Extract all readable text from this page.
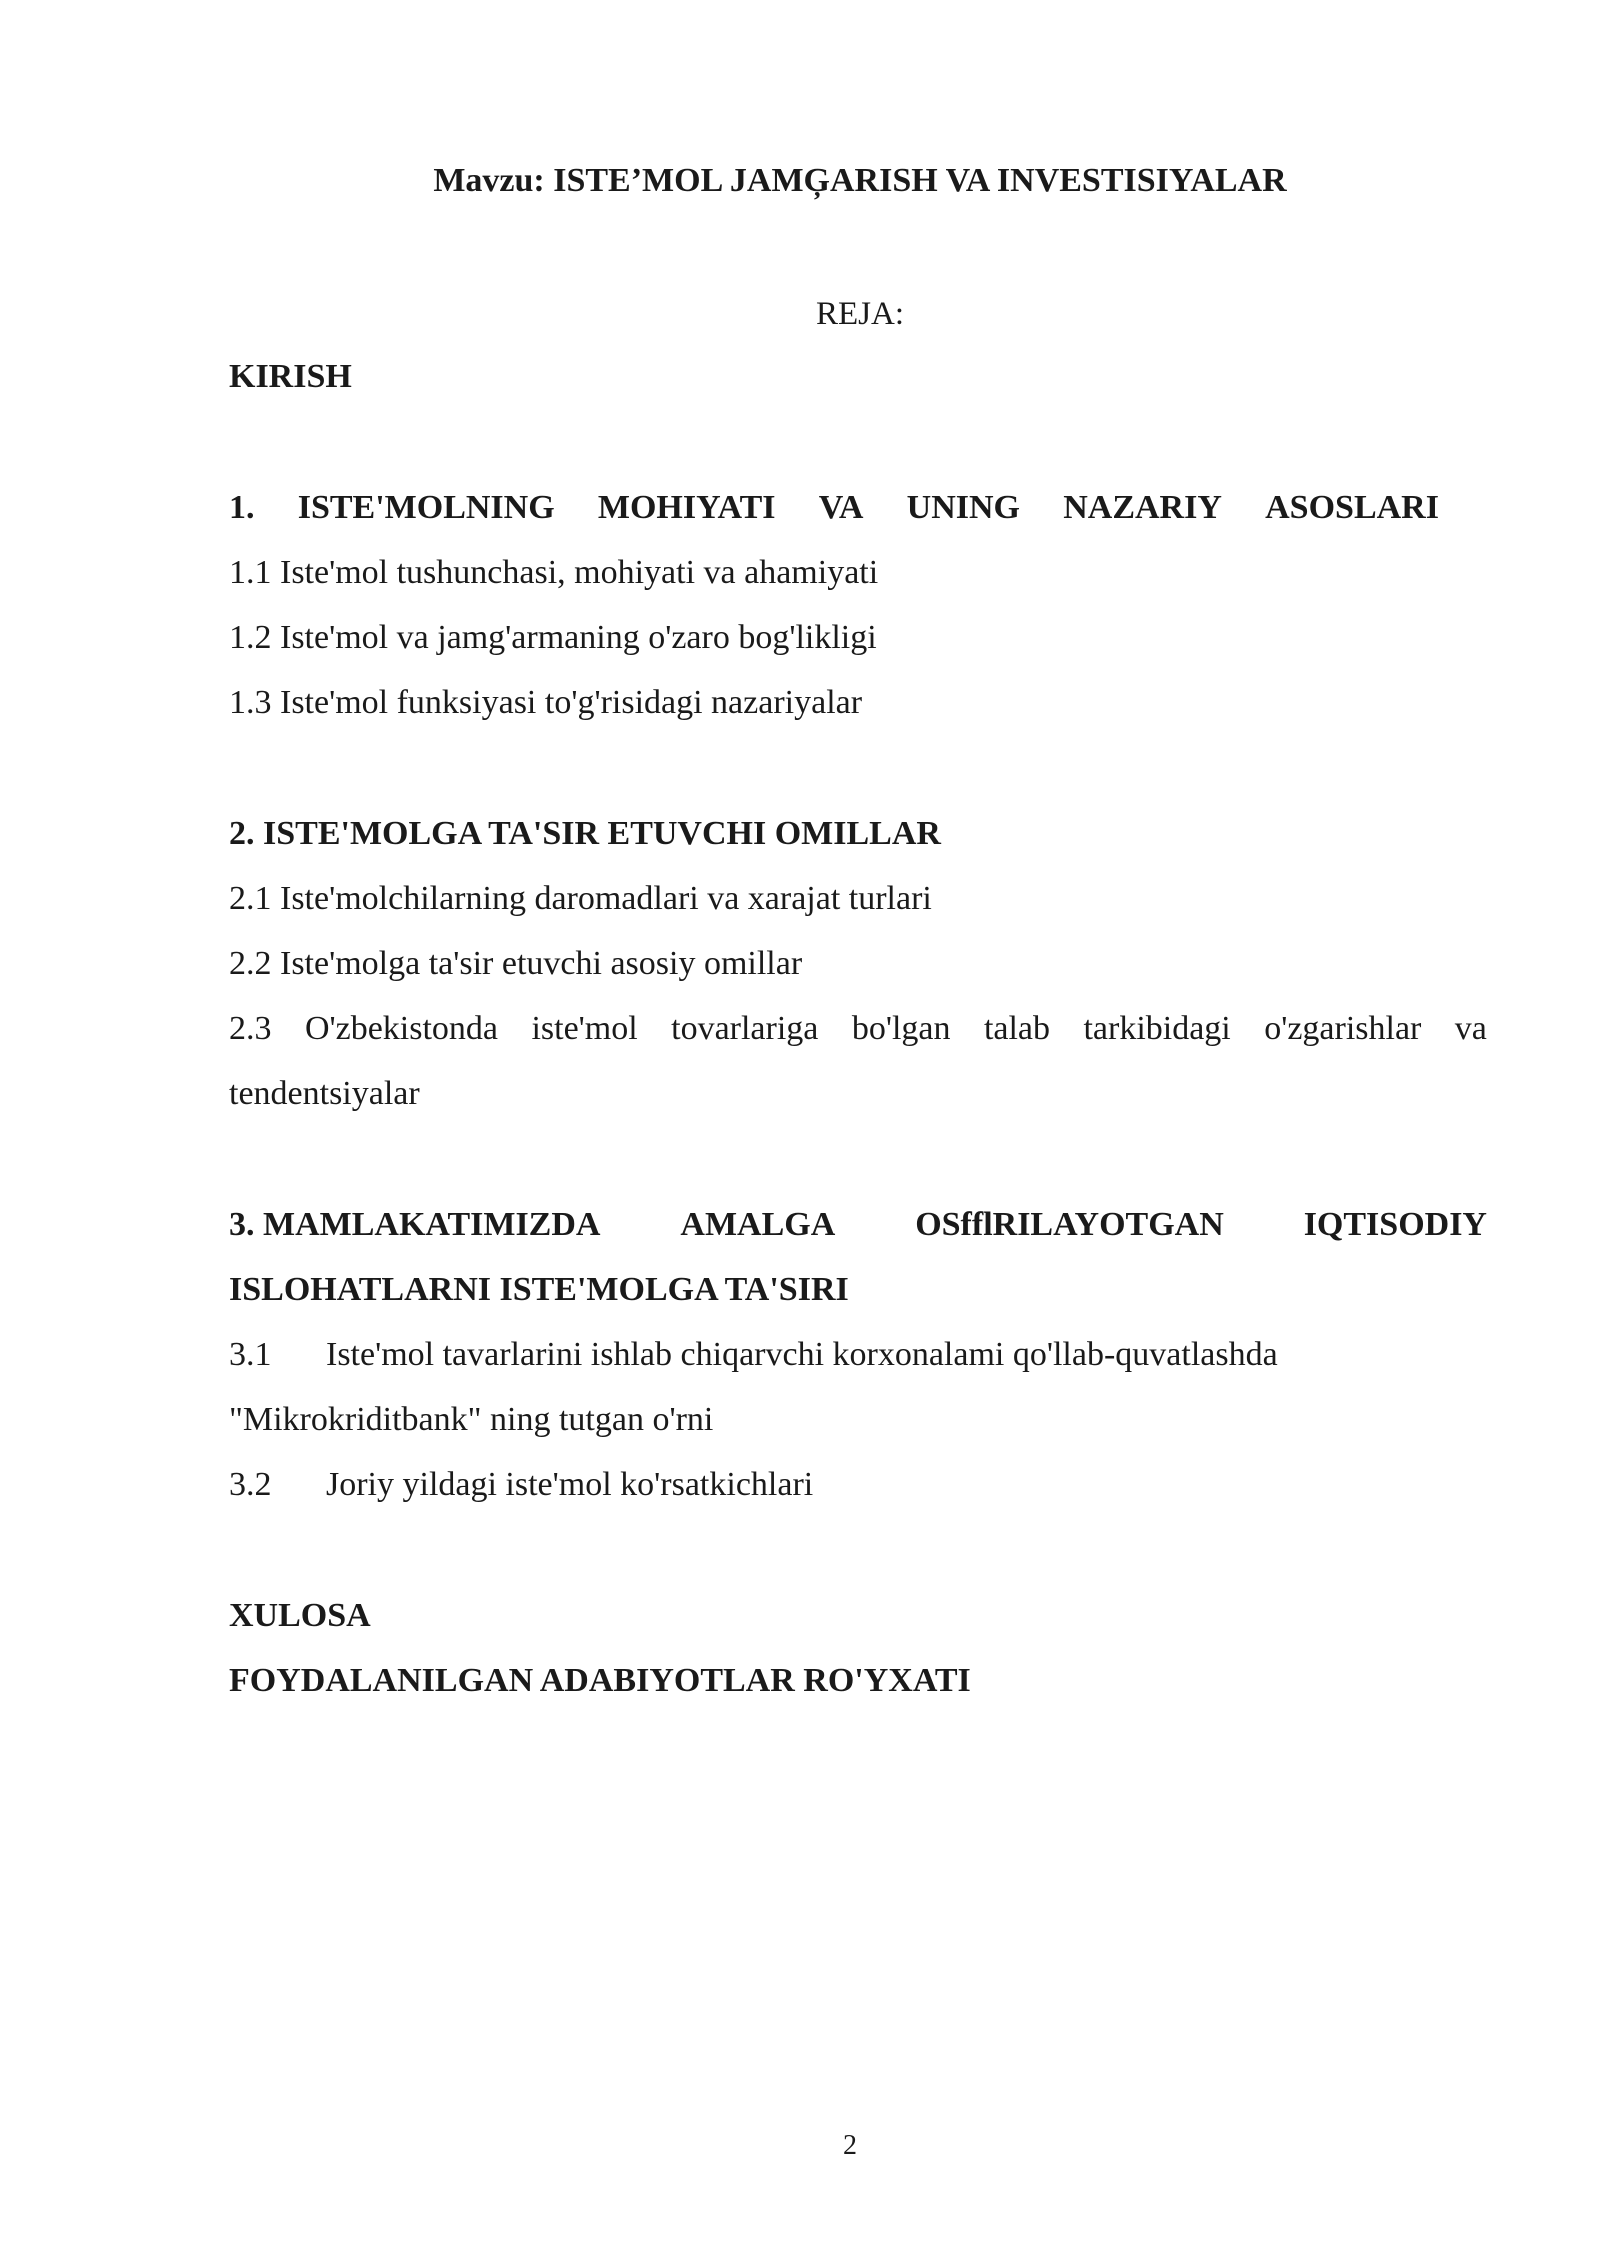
Mavzu: ISTE’MOL JAMĢARISH VA INVESTISIYALAR
REJA:
KIRISH
1. ISTE'MOLNING MOHIYATI VA UNING NAZARIY ASOSLARI
1.1 Iste'mol tushunchasi, mohiyati va ahamiyati
1.2 Iste'mol va jamg'armaning o'zaro bog'likligi
1.3 Iste'mol funksiyasi to'g'risidagi nazariyalar
2. ISTE'MOLGA TA'SIR ETUVCHI OMILLAR
2.1 Iste'molchilarning daromadlari va xarajat turlari
2.2 Iste'molga ta'sir etuvchi asosiy omillar
2.3 O'zbekistonda iste'mol tovarlariga bo'lgan talab tarkibidagi o'zgarishlar va
tendentsiyalar
3. MAMLAKATIMIZDA AMALGA OSfflRILAYOTGAN IQTISODIY
ISLOHATLARNI ISTE'MOLGA TA'SIRI
3.1 Iste'mol tavarlarini ishlab chiqarvchi korxonalami qo'llab-quvatlashda
"Mikrokriditbank" ning tutgan o'rni
3.2 Joriy yildagi iste'mol ko'rsatkichlari
XULOSA
FOYDALANILGAN ADABIYOTLAR RO'YXATI
2
